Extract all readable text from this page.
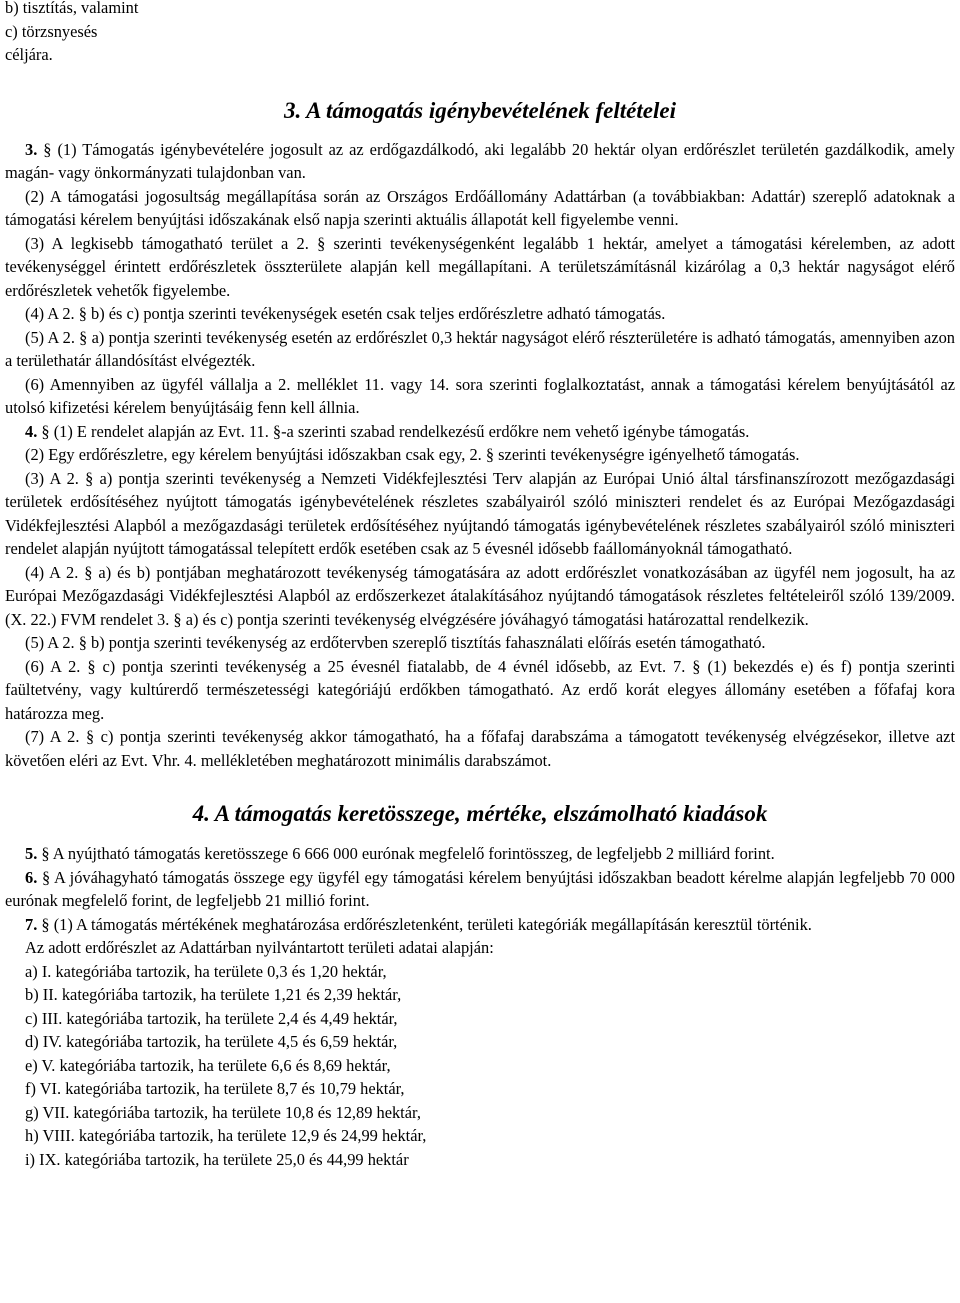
b) tisztítás, valamint
c) törzsnyesés
céljára.
3. A támogatás igénybevételének feltételei

3. § (1) Támogatás igénybevételére jogosult az az erdőgazdálkodó, aki legalább 20 hektár olyan erdőrészlet területén gazdálkodik, amely magán- vagy önkormányzati tulajdonban van.

(2) A támogatási jogosultság megállapítása során az Országos Erdőállomány Adattárban (a továbbiakban: Adattár) szereplő adatoknak a támogatási kérelem benyújtási időszakának első napja szerinti aktuális állapotát kell figyelembe venni.

(3) A legkisebb támogatható terület a 2. § szerinti tevékenységenként legalább 1 hektár, amelyet a támogatási kérelemben, az adott tevékenységgel érintett erdőrészletek összterülete alapján kell megállapítani. A területszámításnál kizárólag a 0,3 hektár nagyságot elérő erdőrészletek vehetők figyelembe.

(4) A 2. § b) és c) pontja szerinti tevékenységek esetén csak teljes erdőrészletre adható támogatás.

(5) A 2. § a) pontja szerinti tevékenység esetén az erdőrészlet 0,3 hektár nagyságot elérő részterületére is adható támogatás, amennyiben azon a területhatár állandósítást elvégezték.

(6) Amennyiben az ügyfél vállalja a 2. melléklet 11. vagy 14. sora szerinti foglalkoztatást, annak a támogatási kérelem benyújtásától az utolsó kifizetési kérelem benyújtásáig fenn kell állnia.

4. § (1) E rendelet alapján az Evt. 11. §-a szerinti szabad rendelkezésű erdőkre nem vehető igénybe támogatás.

(2) Egy erdőrészletre, egy kérelem benyújtási időszakban csak egy, 2. § szerinti tevékenységre igényelhető támogatás.

(3) A 2. § a) pontja szerinti tevékenység a Nemzeti Vidékfejlesztési Terv alapján az Európai Unió által társfinanszírozott mezőgazdasági területek erdősítéséhez nyújtott támogatás igénybevételének részletes szabályairól szóló miniszteri rendelet és az Európai Mezőgazdasági Vidékfejlesztési Alapból a mezőgazdasági területek erdősítéséhez nyújtandó támogatás igénybevételének részletes szabályairól szóló miniszteri rendelet alapján nyújtott támogatással telepített erdők esetében csak az 5 évesnél idősebb faállományoknál támogatható.

(4) A 2. § a) és b) pontjában meghatározott tevékenység támogatására az adott erdőrészlet vonatkozásában az ügyfél nem jogosult, ha az Európai Mezőgazdasági Vidékfejlesztési Alapból az erdőszerkezet átalakításához nyújtandó támogatások részletes feltételeiről szóló 139/2009. (X. 22.) FVM rendelet 3. § a) és c) pontja szerinti tevékenység elvégzésére jóváhagyó támogatási határozattal rendelkezik.

(5) A 2. § b) pontja szerinti tevékenység az erdőtervben szereplő tisztítás fahasználati előírás esetén támogatható.

(6) A 2. § c) pontja szerinti tevékenység a 25 évesnél fiatalabb, de 4 évnél idősebb, az Evt. 7. § (1) bekezdés e) és f) pontja szerinti faültetvény, vagy kultúrerdő természetességi kategóriájú erdőkben támogatható. Az erdő korát elegyes állomány esetében a főfafaj kora határozza meg.

(7) A 2. § c) pontja szerinti tevékenység akkor támogatható, ha a főfafaj darabszáma a támogatott tevékenység elvégzésekor, illetve azt követően eléri az Evt. Vhr. 4. mellékletében meghatározott minimális darabszámot.

4. A támogatás keretösszege, mértéke, elszámolható kiadások

5. § A nyújtható támogatás keretösszege 6 666 000 eurónak megfelelő forintösszeg, de legfeljebb 2 milliárd forint.

6. § A jóváhagyható támogatás összege egy ügyfél egy támogatási kérelem benyújtási időszakban beadott kérelme alapján legfeljebb 70 000 eurónak megfelelő forint, de legfeljebb 21 millió forint.

7. § (1) A támogatás mértékének meghatározása erdőrészletenként, területi kategóriák megállapításán keresztül történik.

Az adott erdőrészlet az Adattárban nyilvántartott területi adatai alapján:

a) I. kategóriába tartozik, ha területe 0,3 és 1,20 hektár,
b) II. kategóriába tartozik, ha területe 1,21 és 2,39 hektár,
c) III. kategóriába tartozik, ha területe 2,4 és 4,49 hektár,
d) IV. kategóriába tartozik, ha területe 4,5 és 6,59 hektár,
e) V. kategóriába tartozik, ha területe 6,6 és 8,69 hektár,
f) VI. kategóriába tartozik, ha területe 8,7 és 10,79 hektár,
g) VII. kategóriába tartozik, ha területe 10,8 és 12,89 hektár,
h) VIII. kategóriába tartozik, ha területe 12,9 és 24,99 hektár,
i) IX. kategóriába tartozik, ha területe 25,0 és 44,99 hektár
